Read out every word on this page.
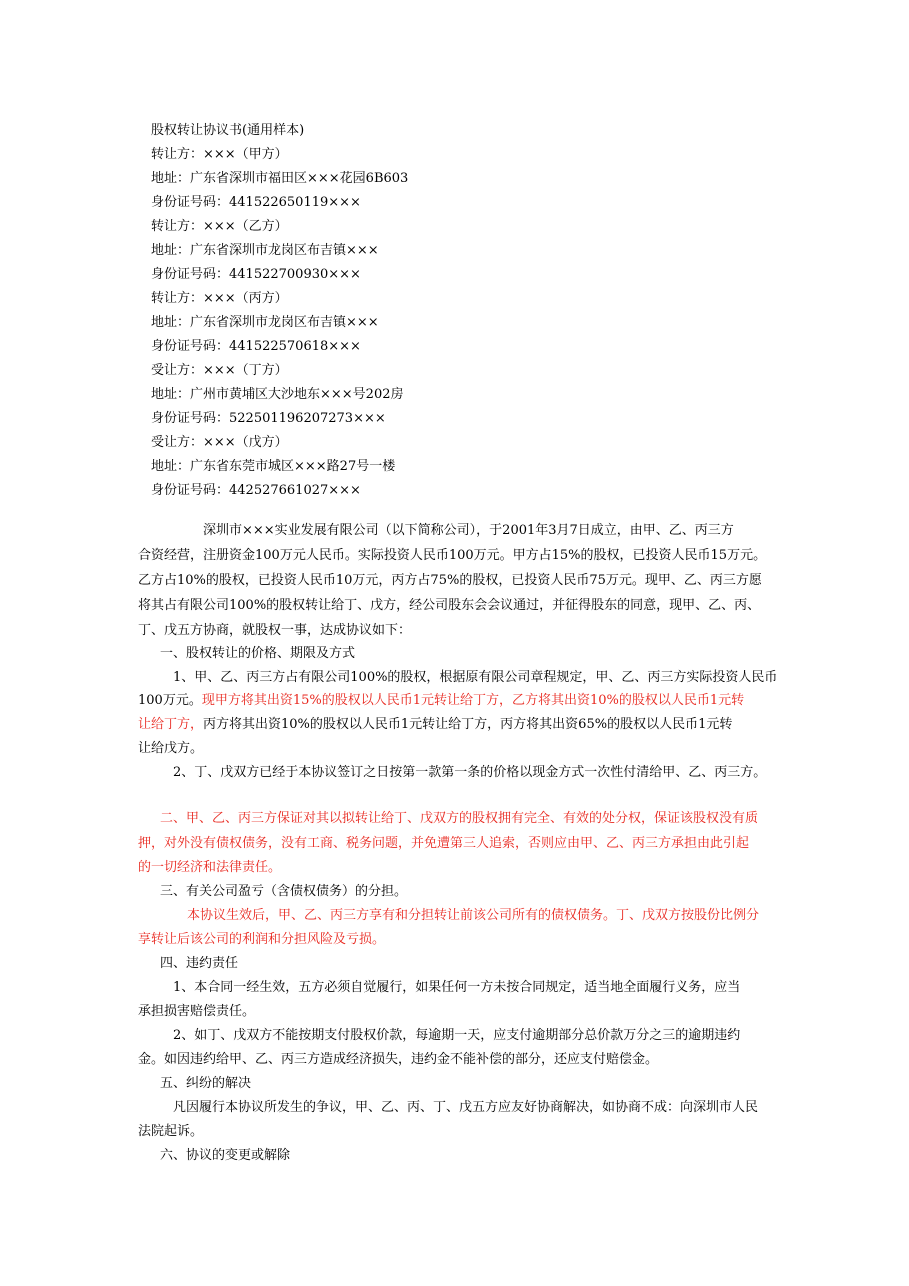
股权转让协议书(通用样本)
转让方：×××（甲方）
地址：广东省深圳市福田区×××花园6B603
身份证号码：441522650119×××
转让方：×××（乙方）
地址：广东省深圳市龙岗区布吉镇×××
身份证号码：441522700930×××
转让方：×××（丙方）
地址：广东省深圳市龙岗区布吉镇×××
身份证号码：441522570618×××
受让方：×××（丁方）
地址：广州市黄埔区大沙地东×××号202房
身份证号码：522501196207273×××
受让方：×××（戊方）
地址：广东省东莞市城区×××路27号一楼
身份证号码：442527661027×××
深圳市×××实业发展有限公司（以下简称公司），于2001年3月7日成立，由甲、乙、丙三方
合资经营，注册资金100万元人民币。实际投资人民币100万元。甲方占15%的股权，已投资人民币15万元。
乙方占10%的股权，已投资人民币10万元，丙方占75%的股权，已投资人民币75万元。现甲、乙、丙三方愿
将其占有限公司100%的股权转让给丁、戊方，经公司股东会会议通过，并征得股东的同意，现甲、乙、丙、
丁、戊五方协商，就股权一事，达成协议如下：
一、股权转让的价格、期限及方式
1、甲、乙、丙三方占有限公司100%的股权，根据原有限公司章程规定，甲、乙、丙三方实际投资人民币
100万元。现甲方将其出资15%的股权以人民币1元转让给丁方，乙方将其出资10%的股权以人民币1元转
让给丁方，丙方将其出资10%的股权以人民币1元转让给丁方，丙方将其出资65%的股权以人民币1元转
让给戊方。
2、丁、戊双方已经于本协议签订之日按第一款第一条的价格以现金方式一次性付清给甲、乙、丙三方。
二、甲、乙、丙三方保证对其以拟转让给丁、戊双方的股权拥有完全、有效的处分权，保证该股权没有质
押，对外没有债权债务，没有工商、税务问题，并免遭第三人追索，否则应由甲、乙、丙三方承担由此引起
的一切经济和法律责任。
三、有关公司盈亏（含债权债务）的分担。
本协议生效后，甲、乙、丙三方享有和分担转让前该公司所有的债权债务。丁、戊双方按股份比例分
享转让后该公司的利润和分担风险及亏损。
四、违约责任
1、本合同一经生效，五方必须自觉履行，如果任何一方未按合同规定，适当地全面履行义务，应当
承担损害赔偿责任。
2、如丁、戊双方不能按期支付股权价款，每逾期一天，应支付逾期部分总价款万分之三的逾期违约
金。如因违约给甲、乙、丙三方造成经济损失，违约金不能补偿的部分，还应支付赔偿金。
五、纠纷的解决
凡因履行本协议所发生的争议，甲、乙、丙、丁、戊五方应友好协商解决，如协商不成：向深圳市人民
法院起诉。
六、协议的变更或解除
